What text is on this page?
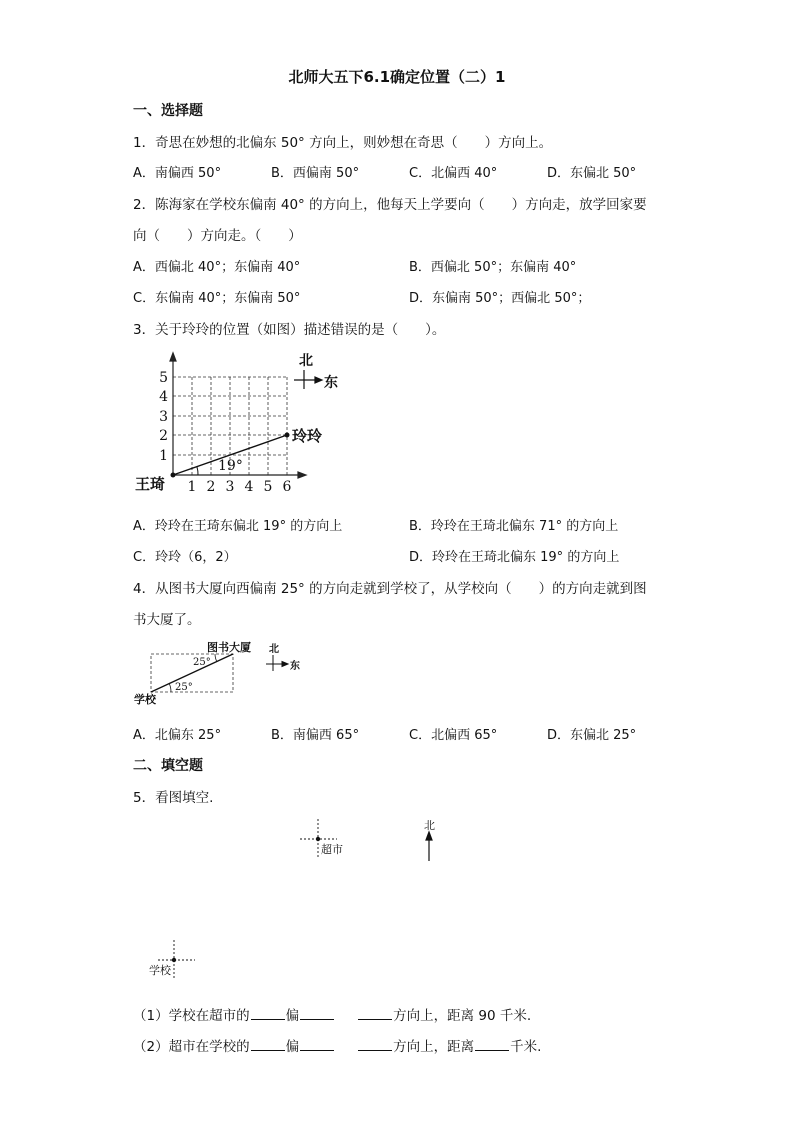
北师大五下6.1确定位置（二）1
一、选择题
1．奇思在妙想的北偏东 50° 方向上，则妙想在奇思（　　）方向上。
A．南偏西 50°	B．西偏南 50°	C．北偏西 40°	D．东偏北 50°
2．陈海家在学校东偏南 40° 的方向上，他每天上学要向（　　）方向走，放学回家要
向（　　）方向走。（　　）
A．西偏北 40°；东偏南 40°	B．西偏北 50°；东偏南 40°
C．东偏南 40°；东偏南 50°	D．东偏南 50°；西偏北 50°；
3．关于玲玲的位置（如图）描述错误的是（　　）。
1
2
3
4
5
1 2 3 4 5 6
19°
王琦
玲玲
北
东
A．玲玲在王琦东偏北 19° 的方向上	B．玲玲在王琦北偏东 71° 的方向上
C．玲玲（6，2）	D．玲玲在王琦北偏东 19° 的方向上
4．从图书大厦向西偏南 25° 的方向走就到学校了，从学校向（　　）的方向走就到图
书大厦了。
25°
25°
图书大厦
学校
北
东
A．北偏东 25°	B．南偏西 65°	C．北偏西 65°	D．东偏北 25°
二、填空题
5．看图填空.
超市
北
学校
（1）学校在超市的	偏	方向上，距离 90 千米.
（2）超市在学校的	偏	方向上，距离	千米.
